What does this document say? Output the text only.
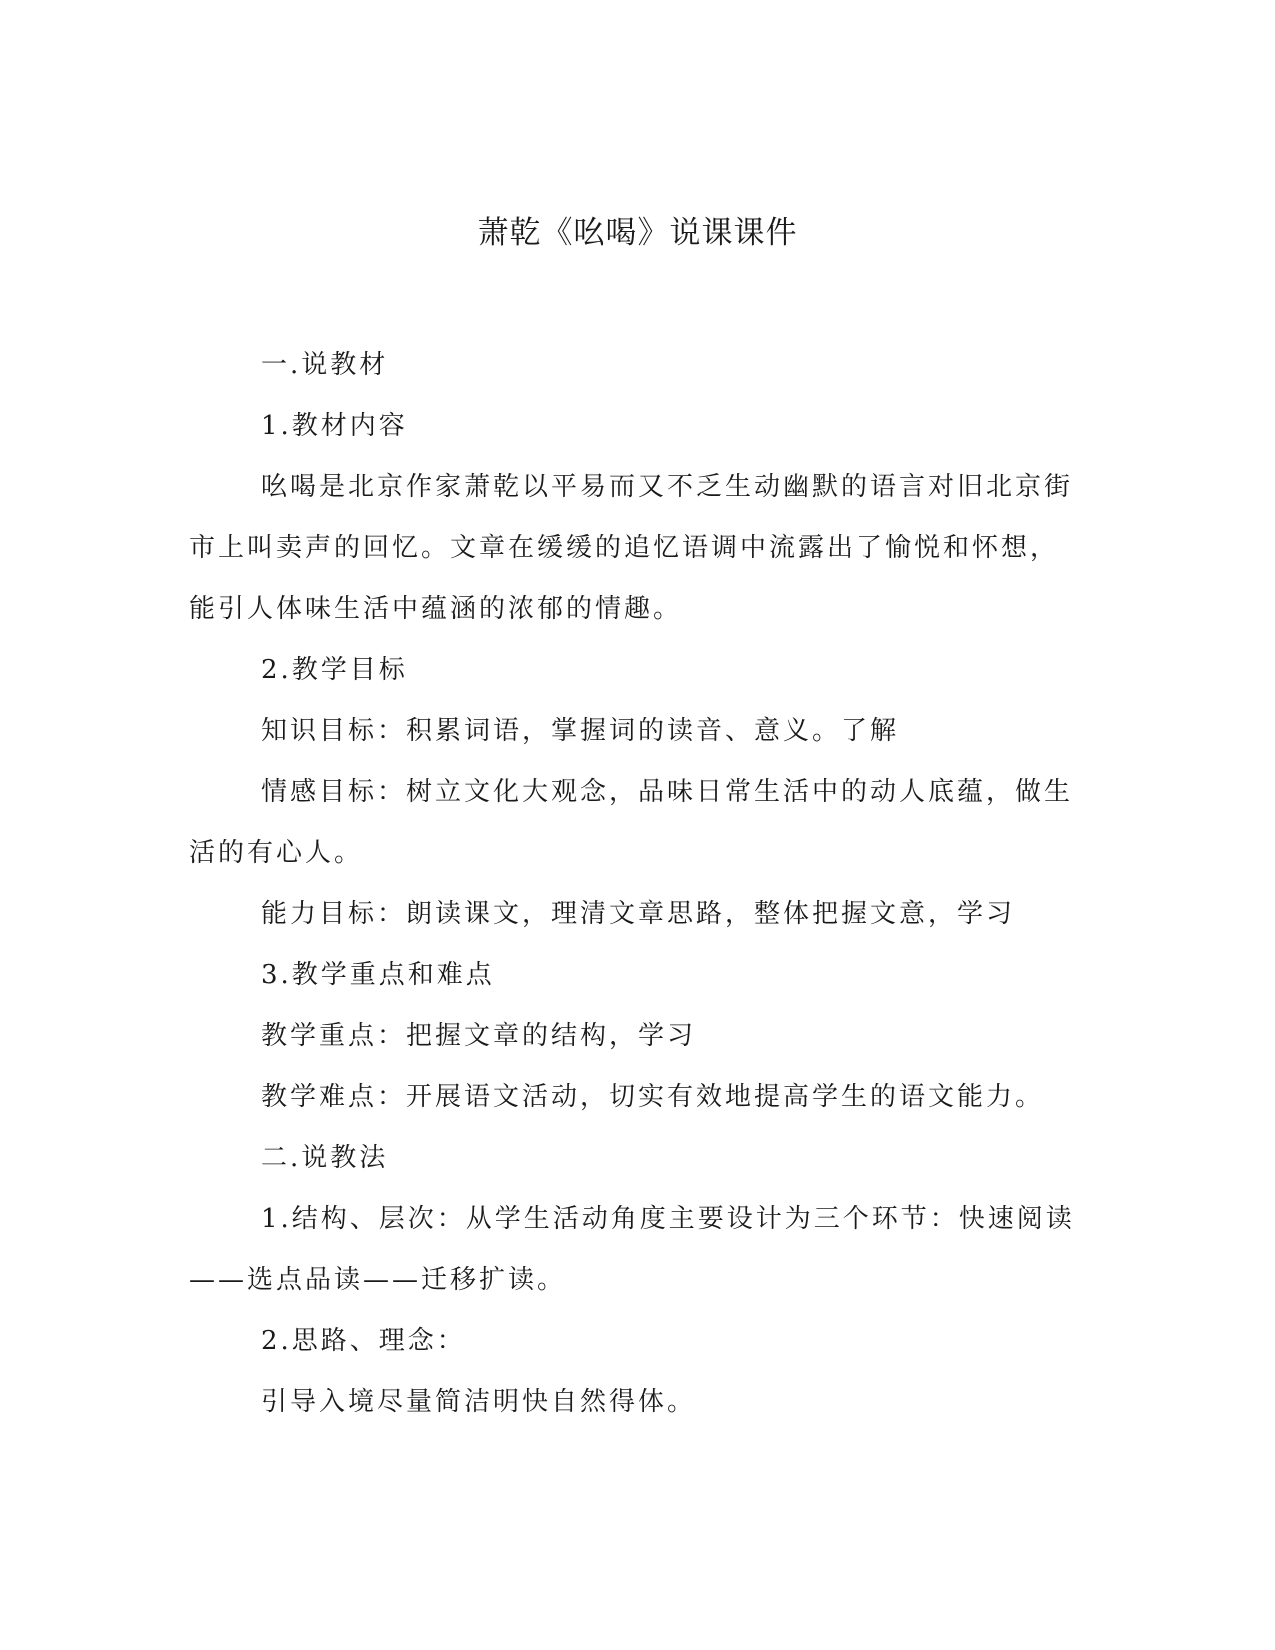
萧乾《吆喝》说课课件

一.说教材

1.教材内容

吆喝是北京作家萧乾以平易而又不乏生动幽默的语言对旧北京街市上叫卖声的回忆。文章在缓缓的追忆语调中流露出了愉悦和怀想，能引人体味生活中蕴涵的浓郁的情趣。

2.教学目标

知识目标：积累词语，掌握词的读音、意义。了解

情感目标：树立文化大观念，品味日常生活中的动人底蕴，做生活的有心人。

能力目标：朗读课文，理清文章思路，整体把握文意，学习

3.教学重点和难点

教学重点：把握文章的结构，学习

教学难点：开展语文活动，切实有效地提高学生的语文能力。

二.说教法

1.结构、层次：从学生活动角度主要设计为三个环节：快速阅读——选点品读——迁移扩读。

2.思路、理念：

引导入境尽量简洁明快自然得体。
